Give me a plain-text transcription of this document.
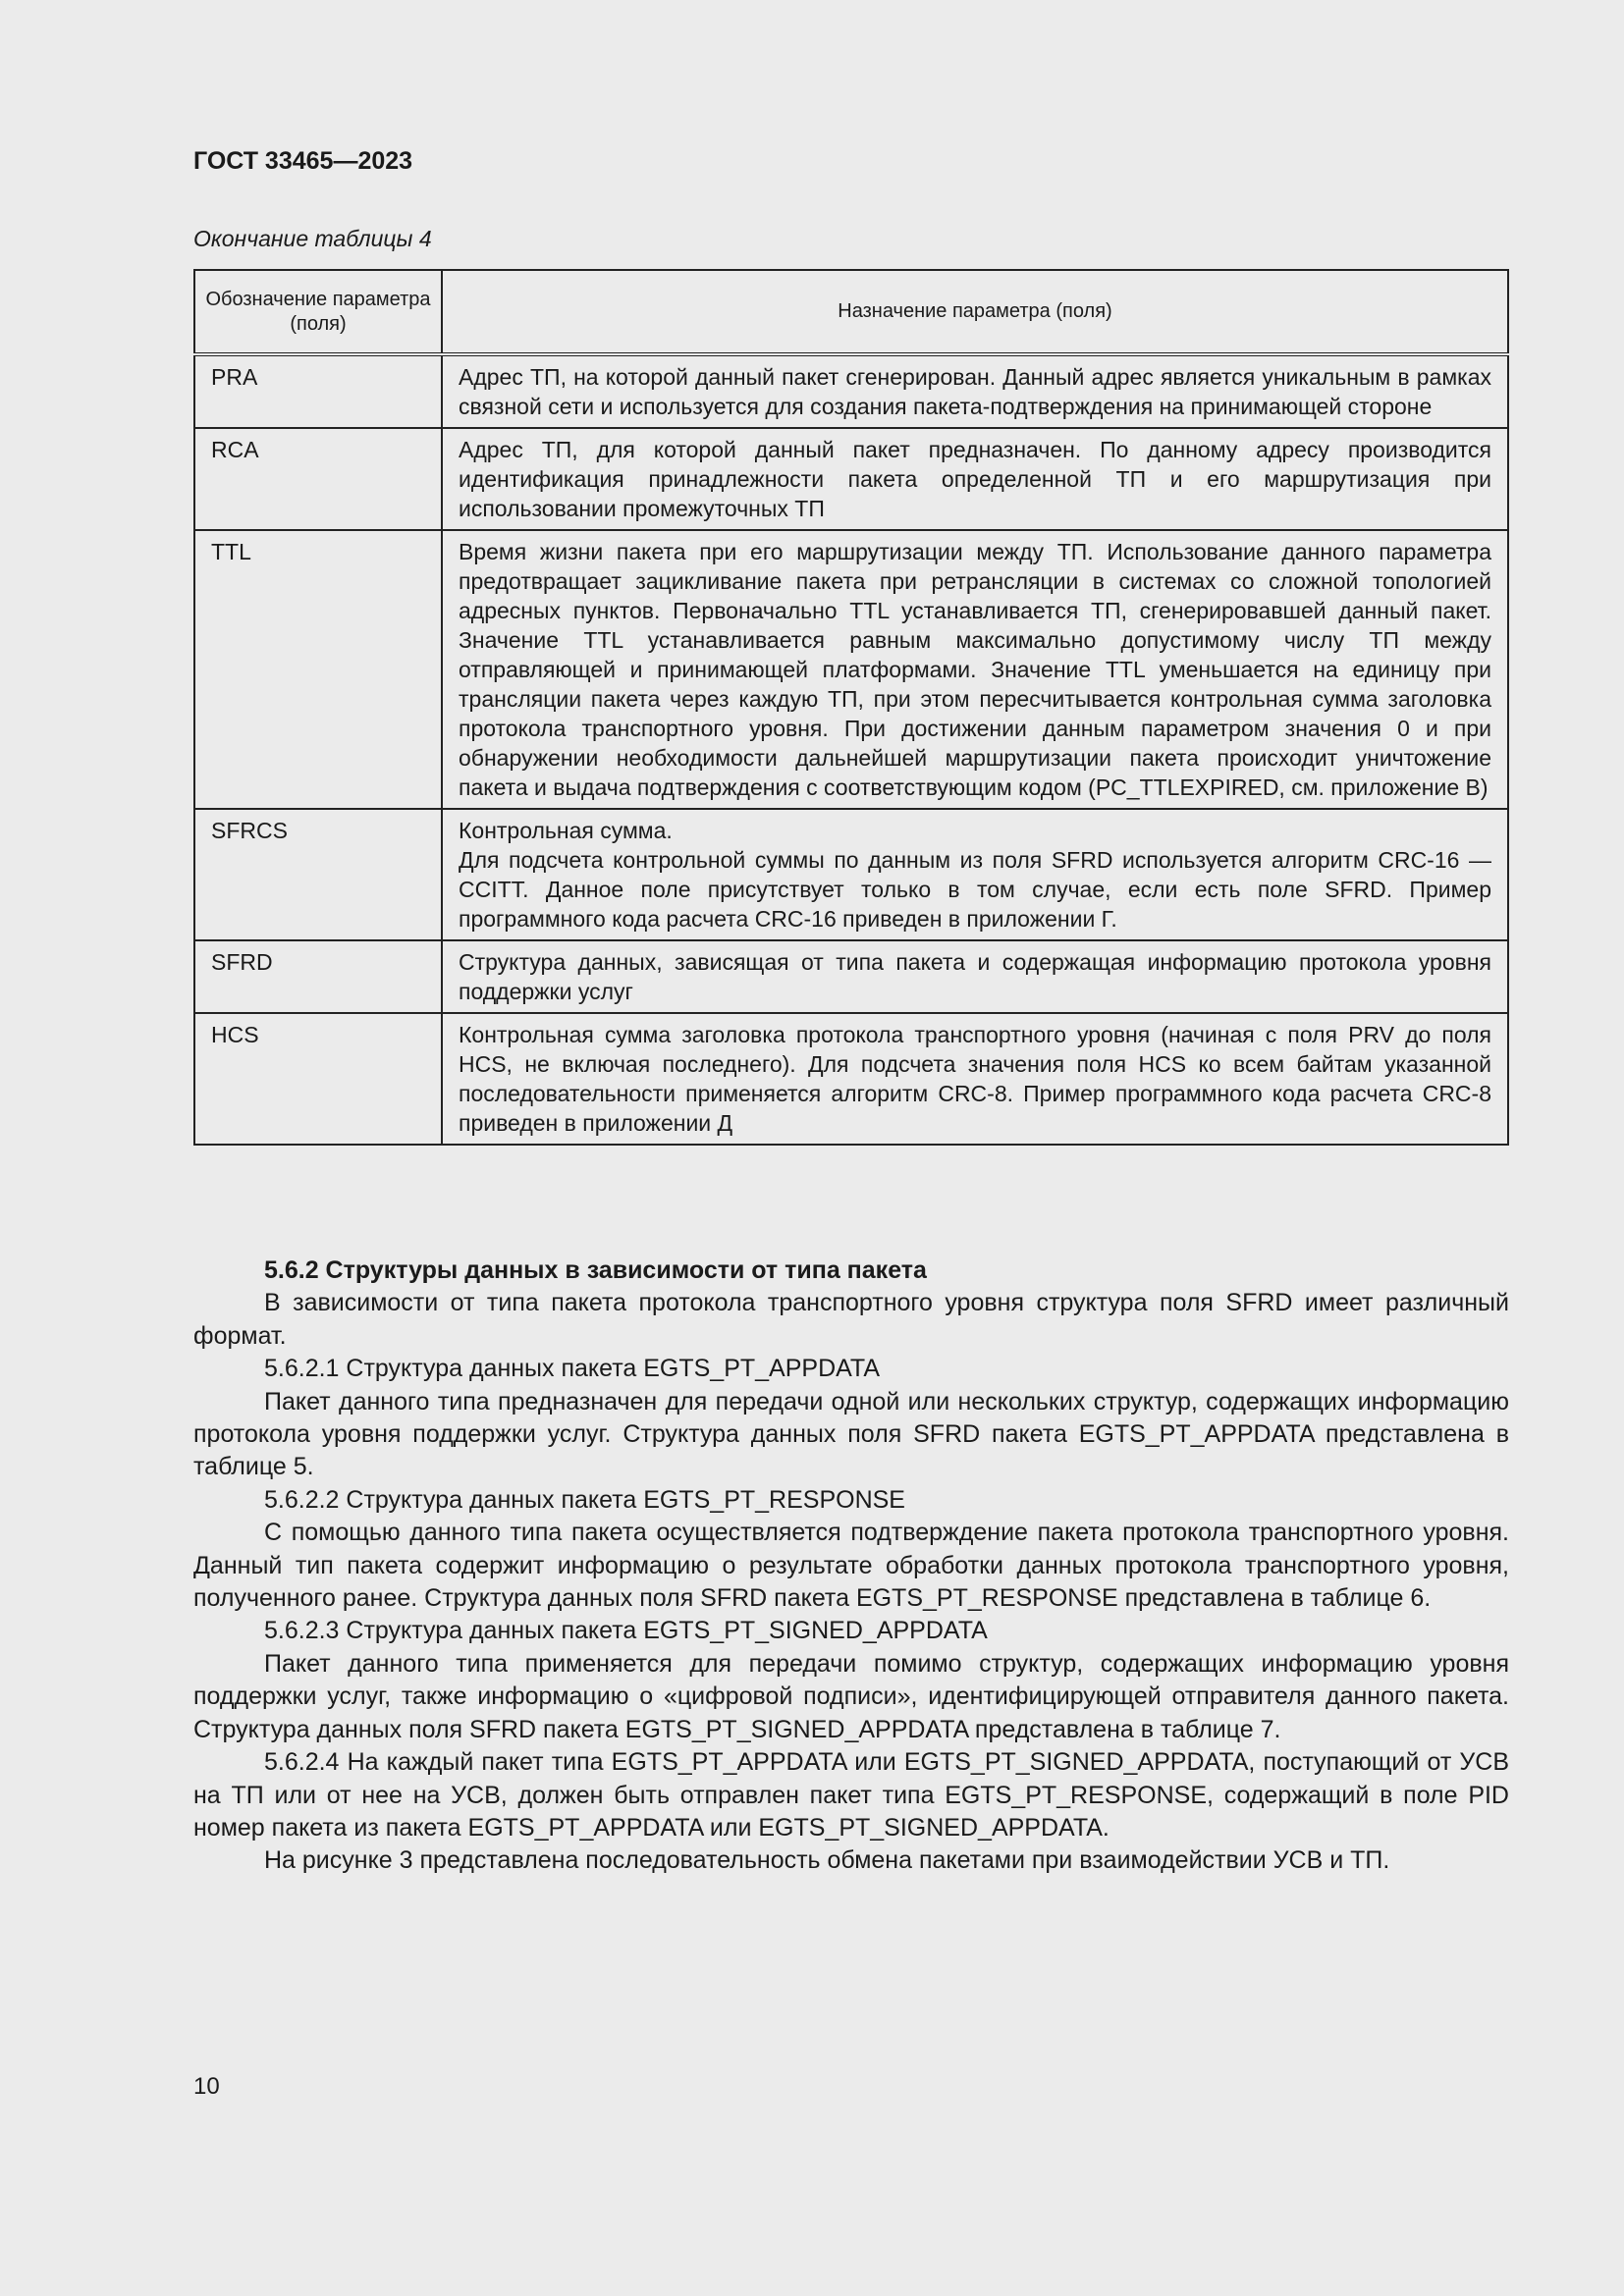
ГОСТ 33465—2023
Окончание таблицы 4
Обозначение параметра (поля)	Назначение параметра (поля)
PRA	Адрес ТП, на которой данный пакет сгенерирован. Данный адрес является уникальным в рамках связной сети и используется для создания пакета-подтверждения на принимающей стороне
RCA	Адрес ТП, для которой данный пакет предназначен. По данному адресу производится идентификация принадлежности пакета определенной ТП и его маршрутизация при использовании промежуточных ТП
TTL	Время жизни пакета при его маршрутизации между ТП. Использование данного параметра предотвращает зацикливание пакета при ретрансляции в системах со сложной топологией адресных пунктов. Первоначально TTL устанавливается ТП, сгенерировавшей данный пакет. Значение TTL устанавливается равным максимально допустимому числу ТП между отправляющей и принимающей платформами. Значение TTL уменьшается на единицу при трансляции пакета через каждую ТП, при этом пересчитывается контрольная сумма заголовка протокола транспортного уровня. При достижении данным параметром значения 0 и при обнаружении необходимости дальнейшей маршрутизации пакета происходит уничтожение пакета и выдача подтверждения с соответствующим кодом (PC_TTLEXPIRED, см. приложение В)
SFRCS	Контрольная сумма.
Для подсчета контрольной суммы по данным из поля SFRD используется алгоритм CRC-16 —CCITT. Данное поле присутствует только в том случае, если есть поле SFRD. Пример программного кода расчета CRC-16 приведен в приложении Г.

SFRD	Структура данных, зависящая от типа пакета и содержащая информацию протокола уровня поддержки услуг
HCS	Контрольная сумма заголовка протокола транспортного уровня (начиная с поля PRV до поля HCS, не включая последнего). Для подсчета значения поля HCS ко всем байтам указанной последовательности применяется алгоритм CRC-8. Пример программного кода расчета CRC-8 приведен в приложении Д

5.6.2 Структуры данных в зависимости от типа пакета

В зависимости от типа пакета протокола транспортного уровня структура поля SFRD имеет различный формат.

5.6.2.1 Структура данных пакета EGTS_PT_APPDATA

Пакет данного типа предназначен для передачи одной или нескольких структур, содержащих информацию протокола уровня поддержки услуг. Структура данных поля SFRD пакета EGTS_PT_APPDATA представлена в таблице 5.

5.6.2.2 Структура данных пакета EGTS_PT_RESPONSE

С помощью данного типа пакета осуществляется подтверждение пакета протокола транспортного уровня. Данный тип пакета содержит информацию о результате обработки данных протокола транспортного уровня, полученного ранее. Структура данных поля SFRD пакета EGTS_PT_RESPONSE представлена в таблице 6.

5.6.2.3 Структура данных пакета EGTS_PT_SIGNED_APPDATA

Пакет данного типа применяется для передачи помимо структур, содержащих информацию уровня поддержки услуг, также информацию о «цифровой подписи», идентифицирующей отправителя данного пакета. Структура данных поля SFRD пакета EGTS_PT_SIGNED_APPDATA представлена в таблице 7.

5.6.2.4 На каждый пакет типа EGTS_PT_APPDATA или EGTS_PT_SIGNED_APPDATA, поступающий от УСВ на ТП или от нее на УСВ, должен быть отправлен пакет типа EGTS_PT_RESPONSE, содержащий в поле PID номер пакета из пакета EGTS_PT_APPDATA или EGTS_PT_SIGNED_APPDATA.

На рисунке 3 представлена последовательность обмена пакетами при взаимодействии УСВ и ТП.

10
